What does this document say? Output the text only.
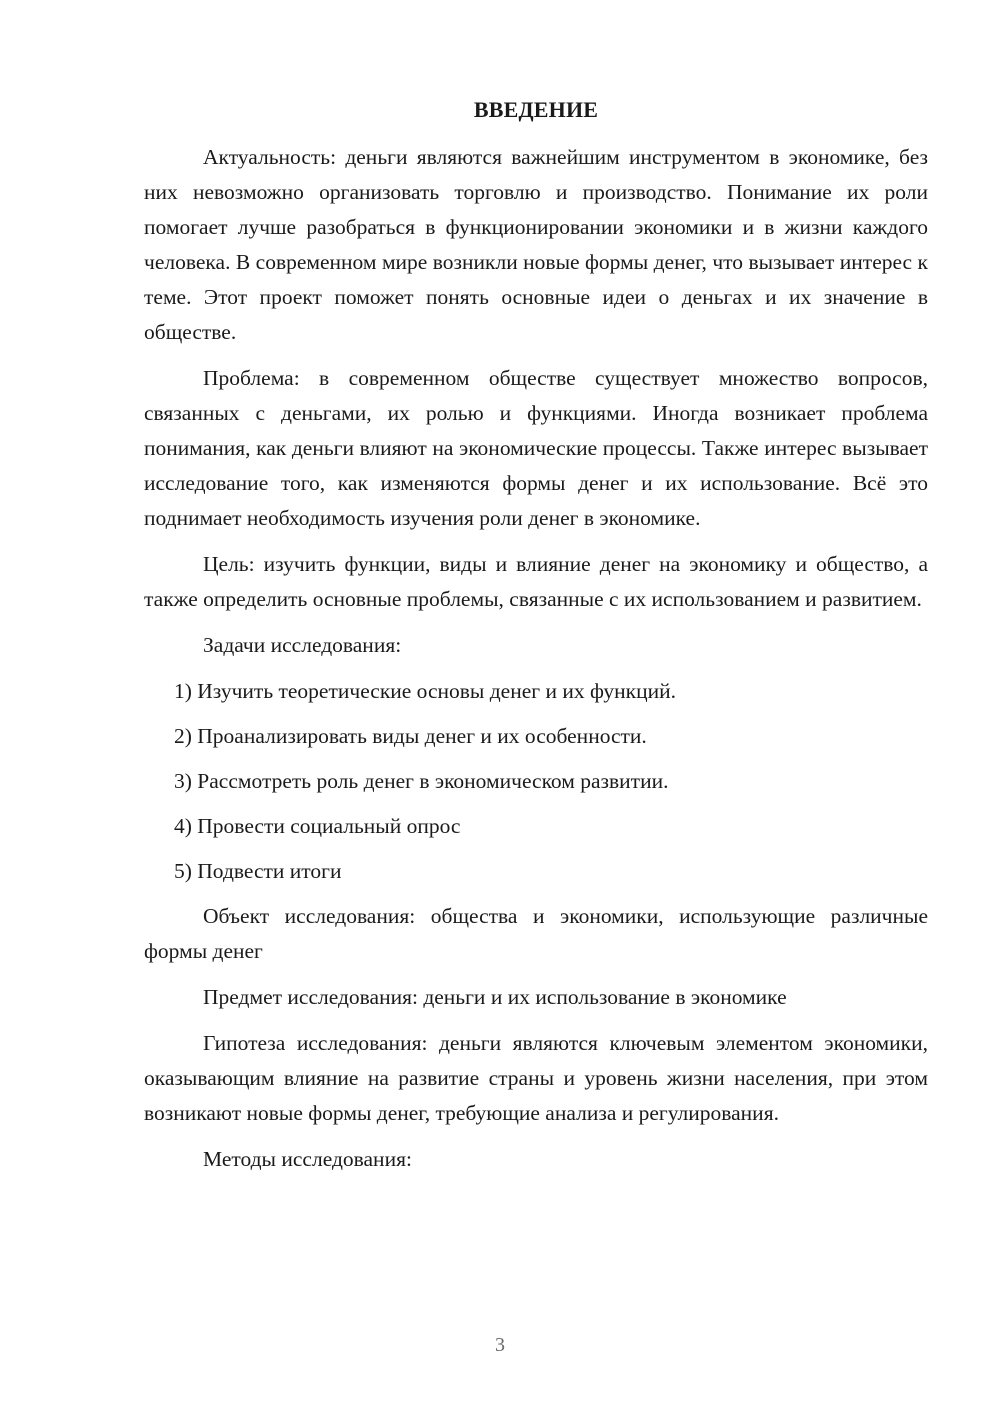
ВВЕДЕНИЕ

Актуальность: деньги являются важнейшим инструментом в экономике, без них невозможно организовать торговлю и производство. Понимание их роли помогает лучше разобраться в функционировании экономики и в жизни каждого человека. В современном мире возникли новые формы денег, что вызывает интерес к теме. Этот проект поможет понять основные идеи о деньгах и их значение в обществе.

Проблема: в современном обществе существует множество вопросов, связанных с деньгами, их ролью и функциями. Иногда возникает проблема понимания, как деньги влияют на экономические процессы. Также интерес вызывает исследование того, как изменяются формы денег и их использование. Всё это поднимает необходимость изучения роли денег в экономике.

Цель: изучить функции, виды и влияние денег на экономику и общество, а также определить основные проблемы, связанные с их использованием и развитием.

Задачи исследования:

1) Изучить теоретические основы денег и их функций.
2) Проанализировать виды денег и их особенности.
3) Рассмотреть роль денег в экономическом развитии.
4) Провести социальный опрос
5) Подвести итоги

Объект исследования: общества и экономики, использующие различные формы денег

Предмет исследования: деньги и их использование в экономике

Гипотеза исследования: деньги являются ключевым элементом экономики, оказывающим влияние на развитие страны и уровень жизни населения, при этом возникают новые формы денег, требующие анализа и регулирования.

Методы исследования:

3
